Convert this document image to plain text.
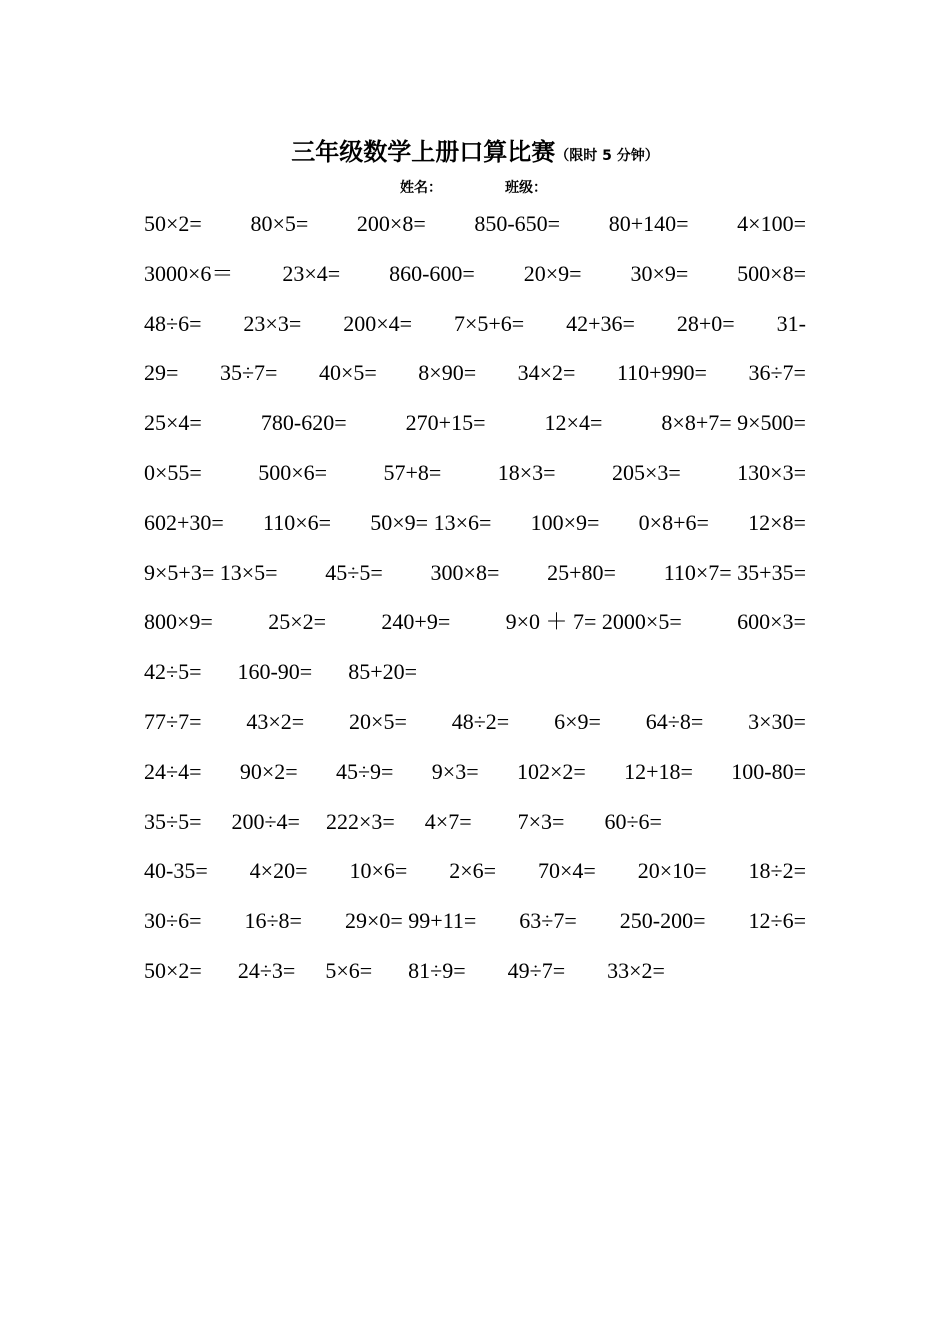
三年级数学上册口算比赛（限时 5 分钟）
姓名：	班级：
50×2= 80×5= 200×8= 850-650= 80+140= 4×100=
3000×6＝ 23×4= 860-600= 20×9= 30×9= 500×8=
48÷6= 23×3= 200×4= 7×5+6= 42+36= 28+0= 31-
29= 35÷7= 40×5= 8×90= 34×2= 110+990= 36÷7=
25×4=	780-620=	270+15=	12×4=	8×8+7= 9×500=
0×55=	500×6=	57+8=	18×3=	205×3=	130×3=
602+30= 110×6= 50×9= 13×6= 100×9= 0×8+6= 12×8=
9×5+3= 13×5= 45÷5= 300×8= 25+80= 110×7= 35+35=
800×9=	25×2=	240+9=	9×0 ＋ 7= 2000×5=	600×3=
42÷5= 160-90= 85+20=
77÷7= 43×2= 20×5= 48÷2= 6×9= 64÷8= 3×30=
24÷4= 90×2= 45÷9= 9×3= 102×2= 12+18= 100-80=
35÷5= 200÷4= 222×3= 4×7= 7×3= 60÷6=
40-35= 4×20= 10×6= 2×6= 70×4= 20×10= 18÷2=
30÷6= 16÷8= 29×0= 99+11= 63÷7= 250-200= 12÷6=
50×2= 24÷3= 5×6= 81÷9= 49÷7= 33×2=
